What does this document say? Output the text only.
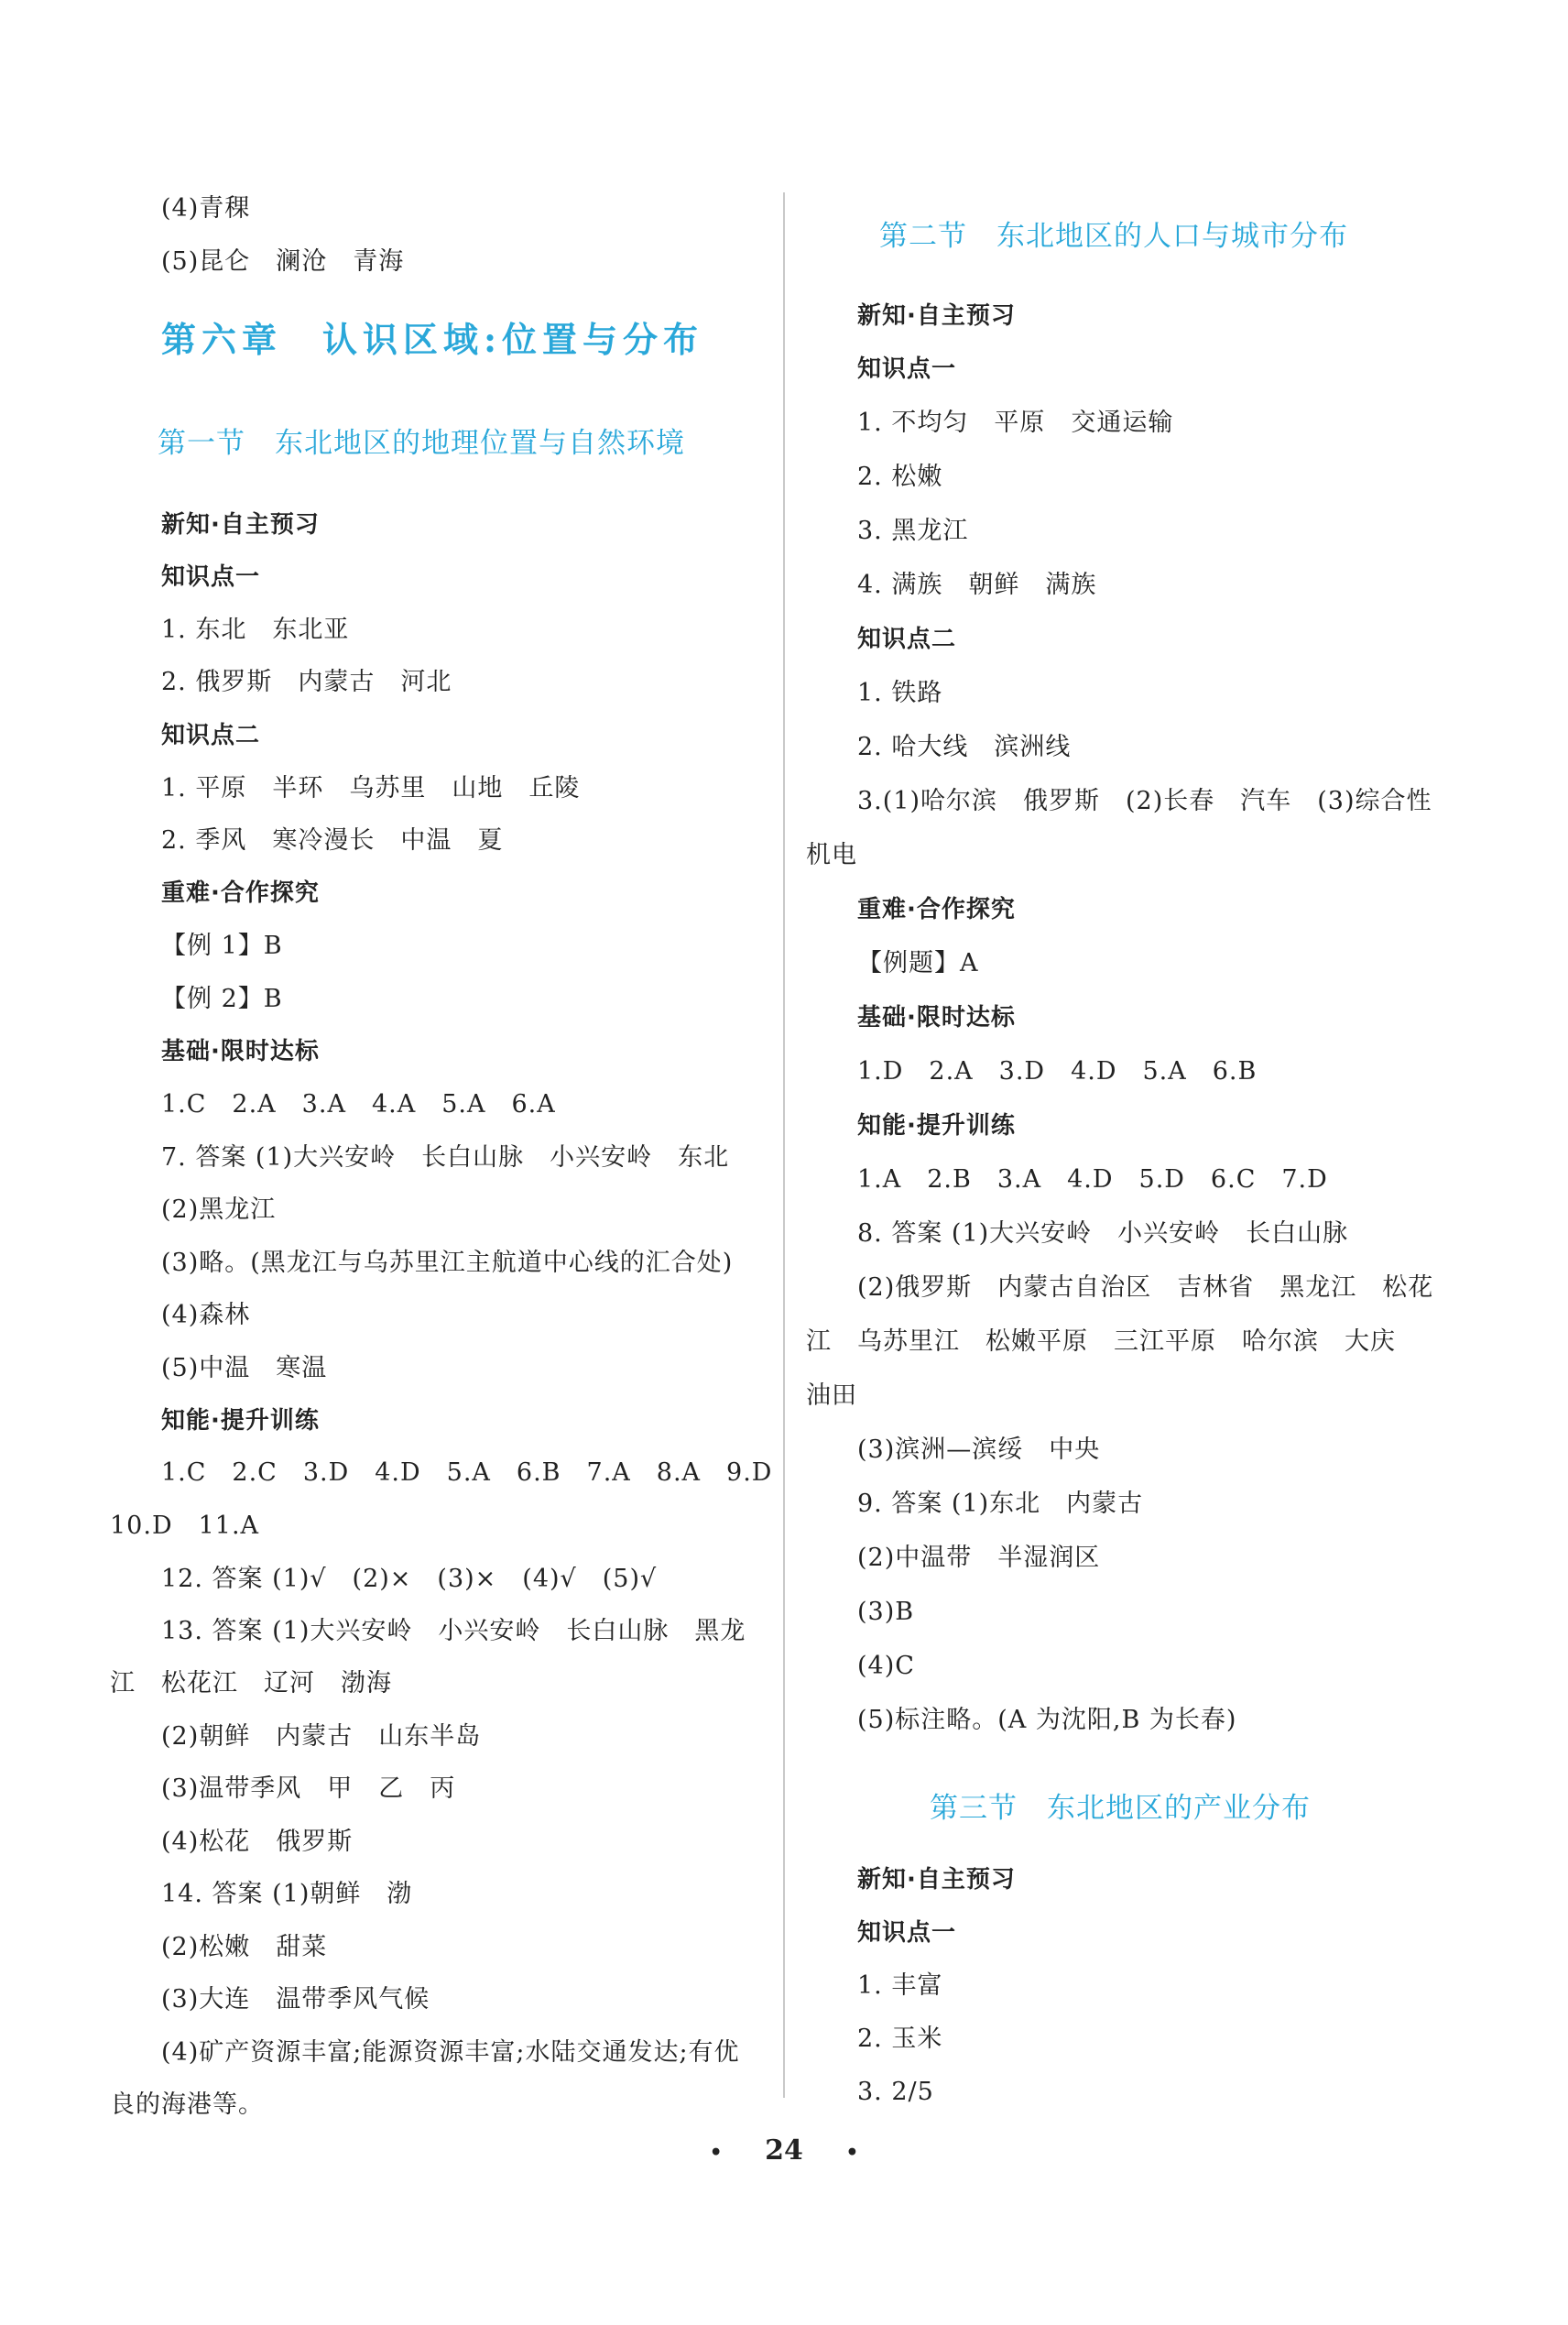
(4)青稞
(5)昆仑　澜沧　青海
1. 东北　东北亚
2. 俄罗斯　内蒙古　河北
1. 平原　半环　乌苏里　山地　丘陵
2. 季风　寒冷漫长　中温　夏
【例 1】B
【例 2】B
1.C　2.A　3.A　4.A　5.A　6.A
7. 答案 (1)大兴安岭　长白山脉　小兴安岭　东北
(2)黑龙江
(3)略。(黑龙江与乌苏里江主航道中心线的汇合处)
(4)森林
(5)中温　寒温
1.C　2.C　3.D　4.D　5.A　6.B　7.A　8.A　9.D
10.D　11.A
12. 答案 (1)√　(2)×　(3)×　(4)√　(5)√
13. 答案 (1)大兴安岭　小兴安岭　长白山脉　黑龙
江　松花江　辽河　渤海
(2)朝鲜　内蒙古　山东半岛
(3)温带季风　甲　乙　丙
(4)松花　俄罗斯
14. 答案 (1)朝鲜　渤
(2)松嫩　甜菜
(3)大连　温带季风气候
(4)矿产资源丰富;能源资源丰富;水陆交通发达;有优
良的海港等。
新知·自主预习
知识点一
知识点二
重难·合作探究
基础·限时达标
知能·提升训练
第六章　认识区域:位置与分布
第一节　东北地区的地理位置与自然环境
1. 不均匀　平原　交通运输
2. 松嫩
3. 黑龙江
4. 满族　朝鲜　满族
1. 铁路
2. 哈大线　滨洲线
3.(1)哈尔滨　俄罗斯　(2)长春　汽车　(3)综合性
机电
【例题】A
1.D　2.A　3.D　4.D　5.A　6.B
1.A　2.B　3.A　4.D　5.D　6.C　7.D
8. 答案 (1)大兴安岭　小兴安岭　长白山脉
(2)俄罗斯　内蒙古自治区　吉林省　黑龙江　松花
江　乌苏里江　松嫩平原　三江平原　哈尔滨　大庆
油田
(3)滨洲—滨绥　中央
9. 答案 (1)东北　内蒙古
(2)中温带　半湿润区
(3)B
(4)C
(5)标注略。(A 为沈阳,B 为长春)
1. 丰富
2. 玉米
3. 2/5
新知·自主预习
知识点一
知识点二
重难·合作探究
基础·限时达标
知能·提升训练
新知·自主预习
知识点一
第二节　东北地区的人口与城市分布
第三节　东北地区的产业分布
• 24 •
